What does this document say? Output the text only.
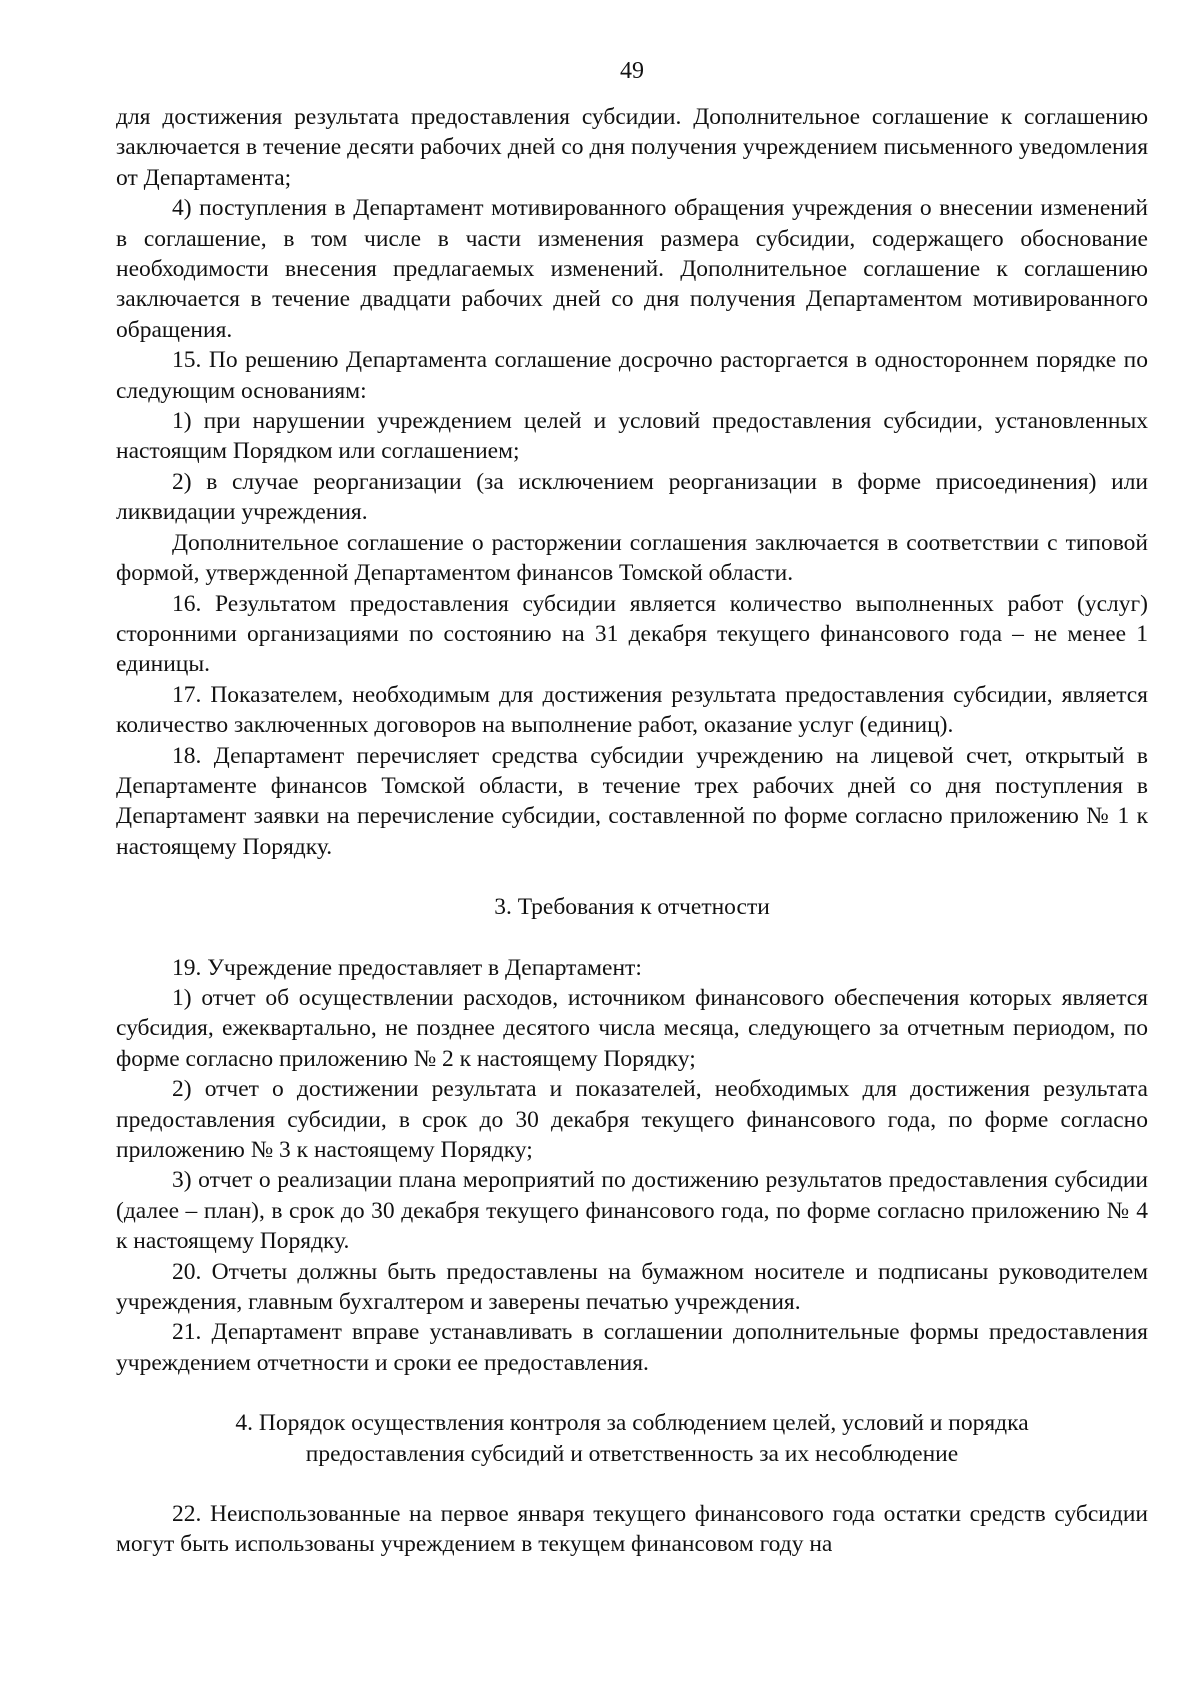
49

для достижения результата предоставления субсидии. Дополнительное соглашение к соглашению заключается в течение десяти рабочих дней со дня получения учреждением письменного уведомления от Департамента;

4) поступления в Департамент мотивированного обращения учреждения о внесении изменений в соглашение, в том числе в части изменения размера субсидии, содержащего обоснование необходимости внесения предлагаемых изменений. Дополнительное соглашение к соглашению заключается в течение двадцати рабочих дней со дня получения Департаментом мотивированного обращения.

15. По решению Департамента соглашение досрочно расторгается в одностороннем порядке по следующим основаниям:

1) при нарушении учреждением целей и условий предоставления субсидии, установленных настоящим Порядком или соглашением;

2) в случае реорганизации (за исключением реорганизации в форме присоединения) или ликвидации учреждения.

Дополнительное соглашение о расторжении соглашения заключается в соответствии с типовой формой, утвержденной Департаментом финансов Томской области.

16. Результатом предоставления субсидии является количество выполненных работ (услуг) сторонними организациями по состоянию на 31 декабря текущего финансового года – не менее 1 единицы.

17. Показателем, необходимым для достижения результата предоставления субсидии, является количество заключенных договоров на выполнение работ, оказание услуг (единиц).

18. Департамент перечисляет средства субсидии учреждению на лицевой счет, открытый в Департаменте финансов Томской области, в течение трех рабочих дней со дня поступления в Департамент заявки на перечисление субсидии, составленной по форме согласно приложению № 1 к настоящему Порядку.

3. Требования к отчетности

19. Учреждение предоставляет в Департамент:

1) отчет об осуществлении расходов, источником финансового обеспечения которых является субсидия, ежеквартально, не позднее десятого числа месяца, следующего за отчетным периодом, по форме согласно приложению № 2 к настоящему Порядку;

2) отчет о достижении результата и показателей, необходимых для достижения результата предоставления субсидии, в срок до 30 декабря текущего финансового года, по форме согласно приложению № 3 к настоящему Порядку;

3) отчет о реализации плана мероприятий по достижению результатов предоставления субсидии (далее – план), в срок до 30 декабря текущего финансового года, по форме согласно приложению № 4 к настоящему Порядку.

20. Отчеты должны быть предоставлены на бумажном носителе и подписаны руководителем учреждения, главным бухгалтером и заверены печатью учреждения.

21. Департамент вправе устанавливать в соглашении дополнительные формы предоставления учреждением отчетности и сроки ее предоставления.

4. Порядок осуществления контроля за соблюдением целей, условий и порядка
предоставления субсидий и ответственность за их несоблюдение

22. Неиспользованные на первое января текущего финансового года остатки средств субсидии могут быть использованы учреждением в текущем финансовом году на
